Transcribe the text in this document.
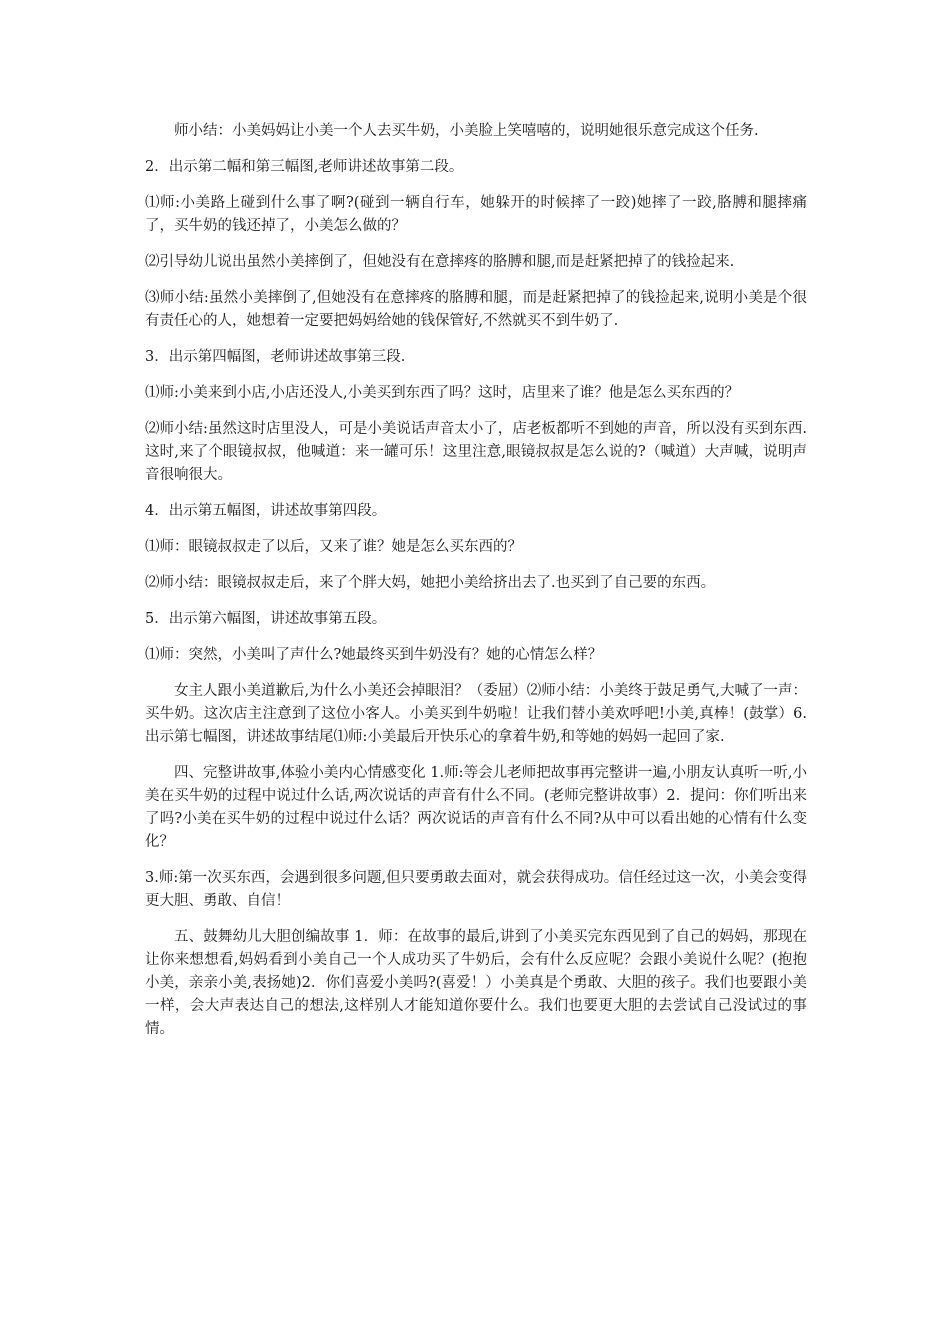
师小结：小美妈妈让小美一个人去买牛奶，小美脸上笑嘻嘻的，说明她很乐意完成这个任务.

2．出示第二幅和第三幅图,老师讲述故事第二段。

⑴师:小美路上碰到什么事了啊?(碰到一辆自行车，她躲开的时候摔了一跤)她摔了一跤,胳膊和腿摔痛了，买牛奶的钱还掉了，小美怎么做的？

⑵引导幼儿说出虽然小美摔倒了，但她没有在意摔疼的胳膊和腿,而是赶紧把掉了的钱捡起来.

⑶师小结:虽然小美摔倒了,但她没有在意摔疼的胳膊和腿，而是赶紧把掉了的钱捡起来,说明小美是个很有责任心的人，她想着一定要把妈妈给她的钱保管好,不然就买不到牛奶了.

3．出示第四幅图，老师讲述故事第三段.

⑴师:小美来到小店,小店还没人,小美买到东西了吗？这时，店里来了谁？他是怎么买东西的？

⑵师小结:虽然这时店里没人，可是小美说话声音太小了，店老板都听不到她的声音，所以没有买到东西.这时,来了个眼镜叔叔，他喊道：来一罐可乐！这里注意,眼镜叔叔是怎么说的?（喊道）大声喊，说明声音很响很大。

4．出示第五幅图，讲述故事第四段。

⑴师：眼镜叔叔走了以后，又来了谁？她是怎么买东西的？

⑵师小结：眼镜叔叔走后，来了个胖大妈，她把小美给挤出去了.也买到了自己要的东西。

5．出示第六幅图，讲述故事第五段。

⑴师：突然，小美叫了声什么?她最终买到牛奶没有？她的心情怎么样？

女主人跟小美道歉后,为什么小美还会掉眼泪？（委屈）⑵师小结：小美终于鼓足勇气,大喊了一声：买牛奶。这次店主注意到了这位小客人。小美买到牛奶啦！让我们替小美欢呼吧!小美,真棒！(鼓掌）6.出示第七幅图，讲述故事结尾⑴师:小美最后开快乐心的拿着牛奶,和等她的妈妈一起回了家.

四、完整讲故事,体验小美内心情感变化 1.师:等会儿老师把故事再完整讲一遍,小朋友认真听一听,小美在买牛奶的过程中说过什么话,两次说话的声音有什么不同。(老师完整讲故事）2．提问：你们听出来了吗?小美在买牛奶的过程中说过什么话？两次说话的声音有什么不同?从中可以看出她的心情有什么变化？

3.师:第一次买东西，会遇到很多问题,但只要勇敢去面对，就会获得成功。信任经过这一次，小美会变得更大胆、勇敢、自信！

五、鼓舞幼儿大胆创编故事 1．师：在故事的最后,讲到了小美买完东西见到了自己的妈妈，那现在让你来想想看,妈妈看到小美自己一个人成功买了牛奶后，会有什么反应呢？会跟小美说什么呢？(抱抱小美，亲亲小美,表扬她)2．你们喜爱小美吗?(喜爱！）小美真是个勇敢、大胆的孩子。我们也要跟小美一样，会大声表达自己的想法,这样别人才能知道你要什么。我们也要更大胆的去尝试自己没试过的事情。
